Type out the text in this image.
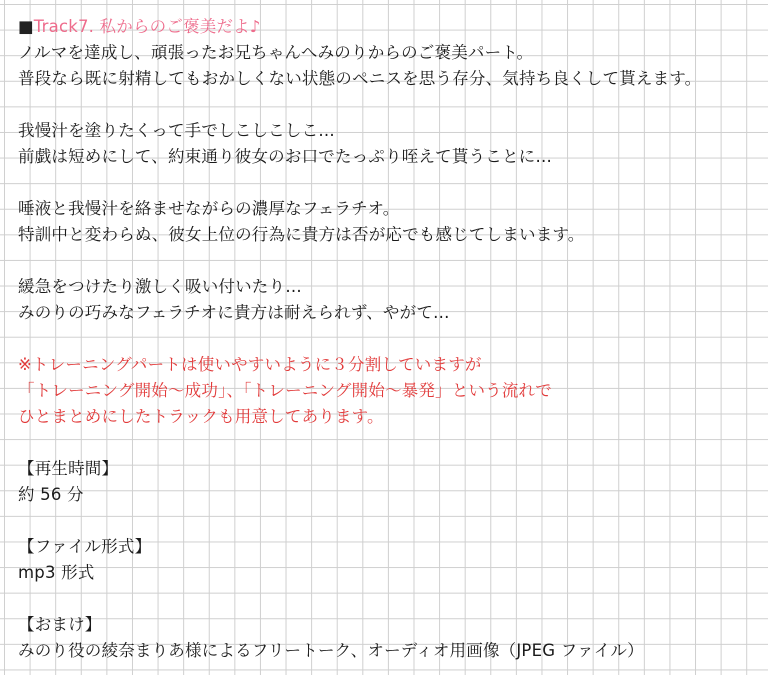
■Track7. 私からのご褒美だよ♪
ノルマを達成し、頑張ったお兄ちゃんへみのりからのご褒美パート。
普段なら既に射精してもおかしくない状態のペニスを思う存分、気持ち良くして貰えます。
我慢汁を塗りたくって手でしこしこしこ…
前戯は短めにして、約束通り彼女のお口でたっぷり咥えて貰うことに…
唾液と我慢汁を絡ませながらの濃厚なフェラチオ。
特訓中と変わらぬ、彼女上位の行為に貴方は否が応でも感じてしまいます。
緩急をつけたり激しく吸い付いたり…
みのりの巧みなフェラチオに貴方は耐えられず、やがて…
※トレーニングパートは使いやすいように３分割していますが
「トレーニング開始～成功」、「トレーニング開始～暴発」という流れで
ひとまとめにしたトラックも用意してあります。
【再生時間】
約 56 分
【ファイル形式】
mp3 形式
【おまけ】
みのり役の綾奈まりあ様によるフリートーク、オーディオ用画像（JPEG ファイル）
